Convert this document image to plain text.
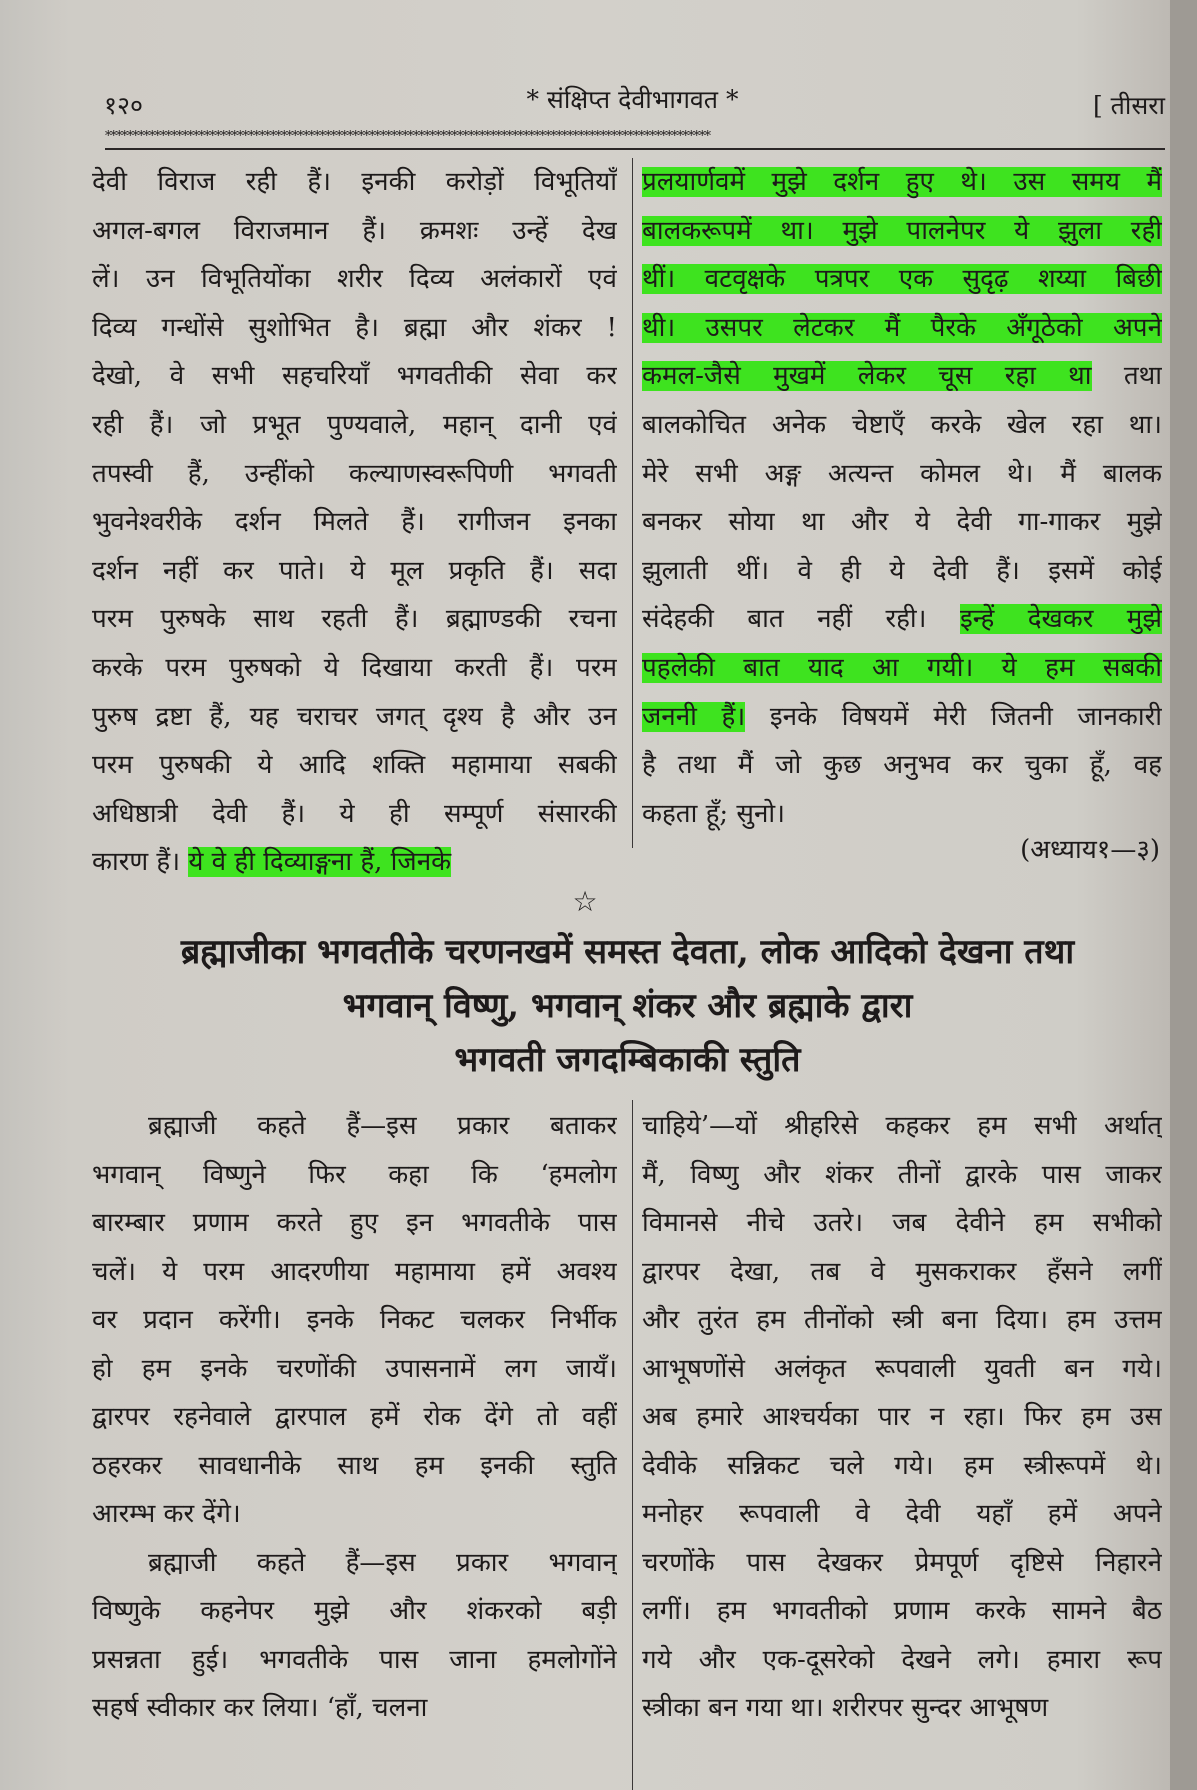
१२०	* संक्षिप्त देवीभागवत *	[ तीसरा
**************************************************************************************************************
देवी विराज रही हैं। इनकी करोड़ों विभूतियाँ
अगल-बगल विराजमान हैं। क्रमशः उन्हें देख
लें। उन विभूतियोंका शरीर दिव्य अलंकारों एवं
दिव्य गन्धोंसे सुशोभित है। ब्रह्मा और शंकर !
देखो, वे सभी सहचरियाँ भगवतीकी सेवा कर
रही हैं। जो प्रभूत पुण्यवाले, महान् दानी एवं
तपस्वी हैं, उन्हींको कल्याणस्वरूपिणी भगवती
भुवनेश्वरीके दर्शन मिलते हैं। रागीजन इनका
दर्शन नहीं कर पाते। ये मूल प्रकृति हैं। सदा
परम पुरुषके साथ रहती हैं। ब्रह्माण्डकी रचना
करके परम पुरुषको ये दिखाया करती हैं। परम
पुरुष द्रष्टा हैं, यह चराचर जगत् दृश्य है और उन
परम पुरुषकी ये आदि शक्ति महामाया सबकी
अधिष्ठात्री देवी हैं। ये ही सम्पूर्ण संसारकी
कारण हैं। ये वे ही दिव्याङ्गना हैं, जिनके
प्रलयार्णवमें मुझे दर्शन हुए थे। उस समय मैं
बालकरूपमें था। मुझे पालनेपर ये झुला रही
थीं। वटवृक्षके पत्रपर एक सुदृढ़ शय्या बिछी
थी। उसपर लेटकर मैं पैरके अँगूठेको अपने
कमल-जैसे मुखमें लेकर चूस रहा था तथा
बालकोचित अनेक चेष्टाएँ करके खेल रहा था।
मेरे सभी अङ्ग अत्यन्त कोमल थे। मैं बालक
बनकर सोया था और ये देवी गा-गाकर मुझे
झुलाती थीं। वे ही ये देवी हैं। इसमें कोई
संदेहकी बात नहीं रही। इन्हें देखकर मुझे
पहलेकी बात याद आ गयी। ये हम सबकी
जननी हैं। इनके विषयमें मेरी जितनी जानकारी
है तथा मैं जो कुछ अनुभव कर चुका हूँ, वह
कहता हूँ; सुनो।
(अध्याय१—३)
☆
ब्रह्माजीका भगवतीके चरणनखमें समस्त देवता, लोक आदिको देखना तथा
भगवान् विष्णु, भगवान् शंकर और ब्रह्माके द्वारा
भगवती जगदम्बिकाकी स्तुति
ब्रह्माजी कहते हैं—इस प्रकार बताकर
भगवान् विष्णुने फिर कहा कि ‘हमलोग
बारम्बार प्रणाम करते हुए इन भगवतीके पास
चलें। ये परम आदरणीया महामाया हमें अवश्य
वर प्रदान करेंगी। इनके निकट चलकर निर्भीक
हो हम इनके चरणोंकी उपासनामें लग जायँ।
द्वारपर रहनेवाले द्वारपाल हमें रोक देंगे तो वहीं
ठहरकर सावधानीके साथ हम इनकी स्तुति
आरम्भ कर देंगे।
ब्रह्माजी कहते हैं—इस प्रकार भगवान्
विष्णुके कहनेपर मुझे और शंकरको बड़ी
प्रसन्नता हुई। भगवतीके पास जाना हमलोगोंने
सहर्ष स्वीकार कर लिया। ‘हाँ, चलना
चाहिये’—यों श्रीहरिसे कहकर हम सभी अर्थात्
मैं, विष्णु और शंकर तीनों द्वारके पास जाकर
विमानसे नीचे उतरे। जब देवीने हम सभीको
द्वारपर देखा, तब वे मुसकराकर हँसने लगीं
और तुरंत हम तीनोंको स्त्री बना दिया। हम उत्तम
आभूषणोंसे अलंकृत रूपवाली युवती बन गये।
अब हमारे आश्चर्यका पार न रहा। फिर हम उस
देवीके सन्निकट चले गये। हम स्त्रीरूपमें थे।
मनोहर रूपवाली वे देवी यहाँ हमें अपने
चरणोंके पास देखकर प्रेमपूर्ण दृष्टिसे निहारने
लगीं। हम भगवतीको प्रणाम करके सामने बैठ
गये और एक-दूसरेको देखने लगे। हमारा रूप
स्त्रीका बन गया था। शरीरपर सुन्दर आभूषण
